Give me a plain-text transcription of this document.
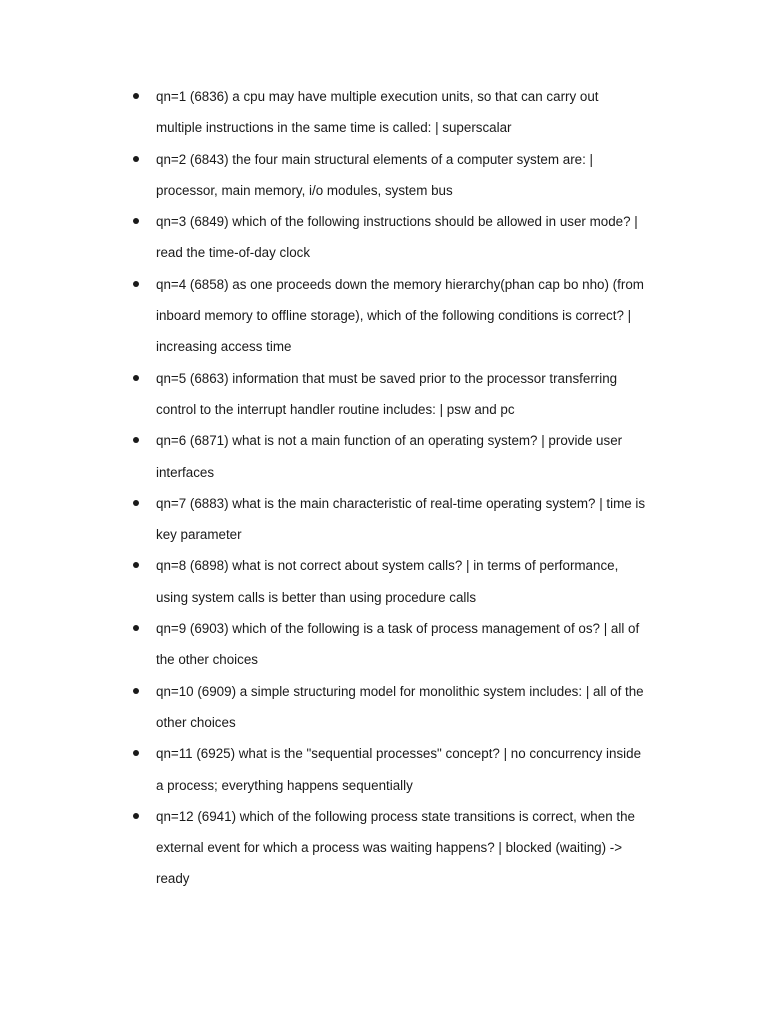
qn=1 (6836) a cpu may have multiple execution units, so that can carry out
multiple instructions in the same time is called: | superscalar
qn=2 (6843) the four main structural elements of a computer system are: |
processor, main memory, i/o modules, system bus
qn=3 (6849) which of the following instructions should be allowed in user mode? |
read the time-of-day clock
qn=4 (6858) as one proceeds down the memory hierarchy(phan cap bo nho) (from
inboard memory to offline storage), which of the following conditions is correct? |
increasing access time
qn=5 (6863) information that must be saved prior to the processor transferring
control to the interrupt handler routine includes: | psw and pc
qn=6 (6871) what is not a main function of an operating system? | provide user
interfaces
qn=7 (6883) what is the main characteristic of real-time operating system? | time is
key parameter
qn=8 (6898) what is not correct about system calls? | in terms of performance,
using system calls is better than using procedure calls
qn=9 (6903) which of the following is a task of process management of os? | all of
the other choices
qn=10 (6909) a simple structuring model for monolithic system includes: | all of the
other choices
qn=11 (6925) what is the "sequential processes" concept? | no concurrency inside
a process; everything happens sequentially
qn=12 (6941) which of the following process state transitions is correct, when the
external event for which a process was waiting happens? | blocked (waiting) ->
ready
